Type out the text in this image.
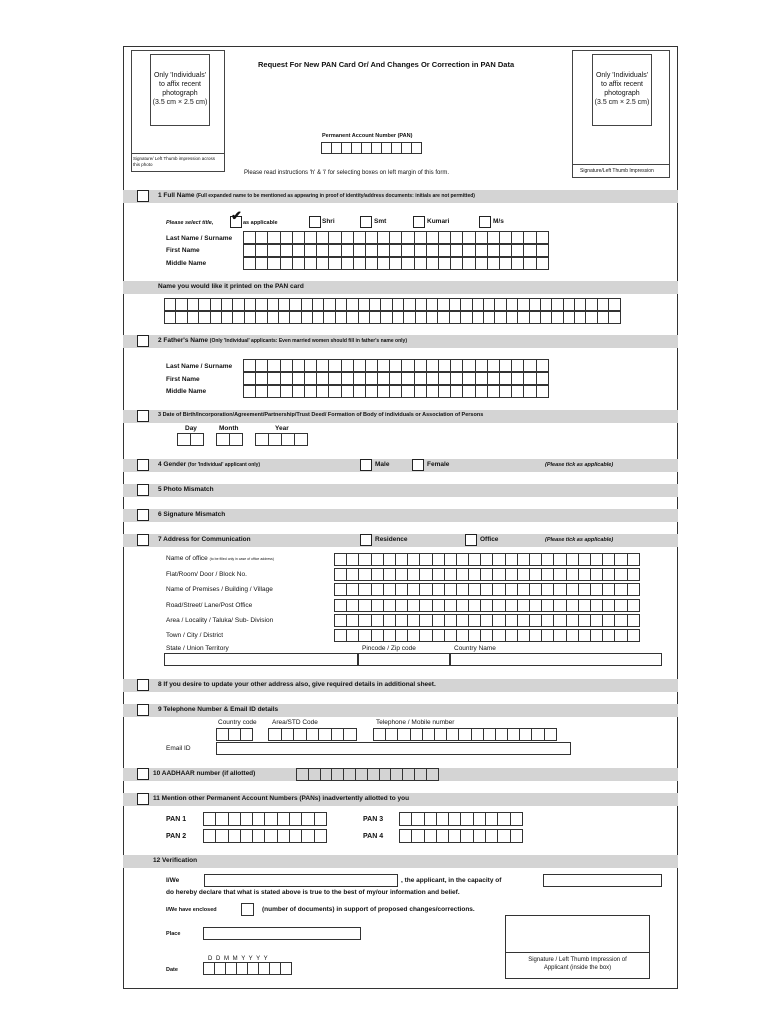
Only 'Individuals'
to affix recent
photograph
(3.5 cm × 2.5 cm)
Signature/ Left Thumb impression across this photo
Only 'Individuals'
to affix recent
photograph
(3.5 cm × 2.5 cm)
Signature/Left Thumb Impression
Request For New PAN Card Or/ And Changes Or Correction in PAN Data
Permanent Account Number (PAN)
Please read instructions 'h' & 'i' for selecting boxes on left margin of this form.
1 Full Name (Full expanded name to be mentioned as appearing in proof of identity/address documents: initials are not permitted)
Please select title, ✔ as applicable	Shri	Smt	Kumari	M/s
Last Name / Surname
First Name
Middle Name
Name you would like it printed on the PAN card
2 Father's Name (Only 'Individual' applicants: Even married women should fill in father's name only)
Last Name / Surname
First Name
Middle Name
3 Date of Birth/Incorporation/Agreement/Partnership/Trust Deed/ Formation of Body of individuals or Association of Persons
Day	Month	Year
4 Gender (for 'Individual' applicant only)	Male	Female	(Please tick as applicable)
5 Photo Mismatch
6 Signature Mismatch
7 Address for Communication	Residence	Office	(Please tick as applicable)
Name of office (to be filled only in case of office address)
Flat/Room/ Door / Block No.
Name of Premises / Building / Village
Road/Street/ Lane/Post Office
Area / Locality / Taluka/ Sub- Division
Town / City / District
State / Union Territory	Pincode / Zip code	Country Name
8 If you desire to update your other address also, give required details in additional sheet.
9 Telephone Number & Email ID details
Country code Area/STD Code	Telephone / Mobile number
Email ID
10 AADHAAR number (if allotted)
11 Mention other Permanent Account Numbers (PANs) inadvertently allotted to you
PAN 1
PAN 2
PAN 3
PAN 4
12 Verification
I/We	, the applicant, in the capacity of
do hereby declare that what is stated above is true to the best of my/our information and belief.
I/We have enclosed	(number of documents) in support of proposed changes/corrections.
Place
D D M M Y Y Y Y
Date
Signature / Left Thumb Impression of
Applicant (inside the box)
